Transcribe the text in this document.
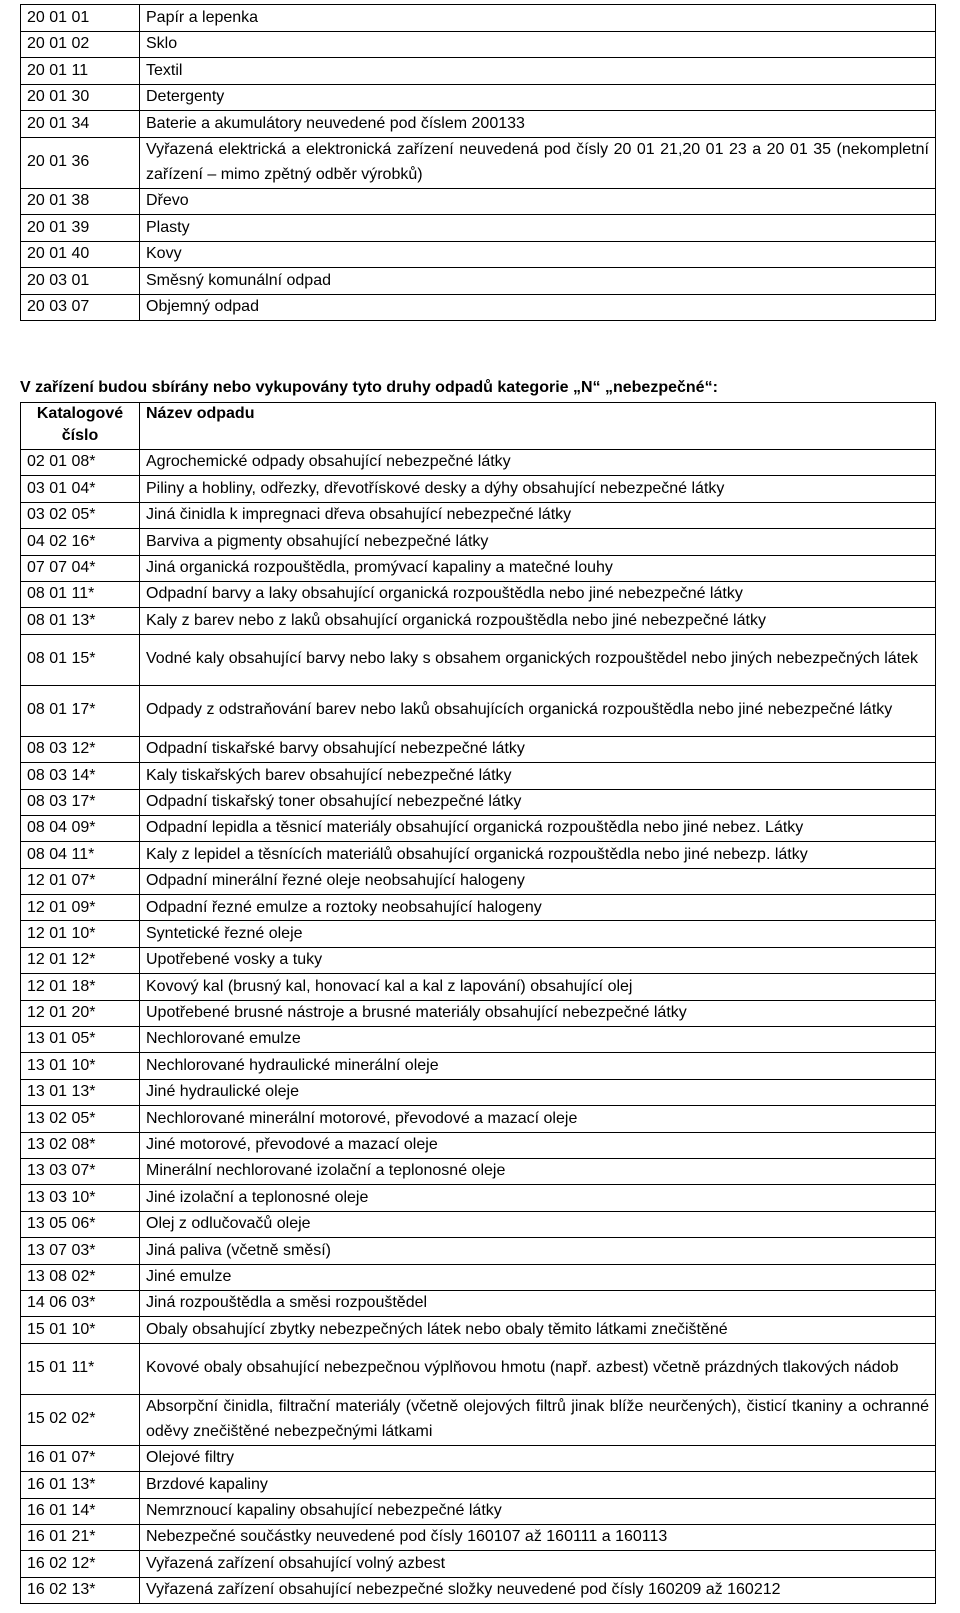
20 01 01	Papír a lepenka
20 01 02	Sklo
20 01 11	Textil
20 01 30	Detergenty
20 01 34	Baterie a akumulátory neuvedené pod číslem 200133
20 01 36	Vyřazená elektrická a elektronická zařízení neuvedená pod čísly 20 01 21,20 01 23 a 20 01 35 (nekompletní zařízení – mimo zpětný odběr výrobků)
20 01 38	Dřevo
20 01 39	Plasty
20 01 40	Kovy
20 03 01	Směsný komunální odpad
20 03 07	Objemný odpad
V zařízení budou sbírány nebo vykupovány tyto druhy odpadů kategorie „N“ „nebezpečné“:
Katalogové číslo	Název odpadu
02 01 08*	Agrochemické odpady obsahující nebezpečné látky
03 01 04*	Piliny a hobliny, odřezky, dřevotřískové desky a dýhy obsahující nebezpečné látky
03 02 05*	Jiná činidla k impregnaci dřeva obsahující nebezpečné látky
04 02 16*	Barviva a pigmenty obsahující nebezpečné látky
07 07 04*	Jiná organická rozpouštědla, promývací kapaliny a matečné louhy
08 01 11*	Odpadní barvy a laky obsahující organická rozpouštědla nebo jiné nebezpečné látky
08 01 13*	Kaly z barev nebo z laků obsahující organická rozpouštědla nebo jiné nebezpečné látky
08 01 15*	Vodné kaly obsahující barvy nebo laky s obsahem organických rozpouštědel nebo jiných nebezpečných látek
08 01 17*	Odpady z odstraňování barev nebo laků obsahujících organická rozpouštědla nebo jiné nebezpečné látky
08 03 12*	Odpadní tiskařské barvy obsahující nebezpečné látky
08 03 14*	Kaly tiskařských barev obsahující nebezpečné látky
08 03 17*	Odpadní tiskařský toner obsahující nebezpečné látky
08 04 09*	Odpadní lepidla a těsnicí materiály obsahující organická rozpouštědla nebo jiné nebez. Látky
08 04 11*	Kaly z lepidel a těsnících materiálů obsahující organická rozpouštědla nebo jiné nebezp. látky
12 01 07*	Odpadní minerální řezné oleje neobsahující halogeny
12 01 09*	Odpadní řezné emulze a roztoky neobsahující halogeny
12 01 10*	Syntetické řezné oleje
12 01 12*	Upotřebené vosky a tuky
12 01 18*	Kovový kal (brusný kal, honovací kal a kal z lapování) obsahující olej
12 01 20*	Upotřebené brusné nástroje a brusné materiály obsahující nebezpečné látky
13 01 05*	Nechlorované emulze
13 01 10*	Nechlorované hydraulické minerální oleje
13 01 13*	Jiné hydraulické oleje
13 02 05*	Nechlorované minerální motorové, převodové a mazací oleje
13 02 08*	Jiné motorové, převodové a mazací oleje
13 03 07*	Minerální nechlorované izolační a teplonosné oleje
13 03 10*	Jiné izolační a teplonosné oleje
13 05 06*	Olej z odlučovačů oleje
13 07 03*	Jiná paliva (včetně směsí)
13 08 02*	Jiné emulze
14 06 03*	Jiná rozpouštědla a směsi rozpouštědel
15 01 10*	Obaly obsahující zbytky nebezpečných látek nebo obaly těmito látkami znečištěné
15 01 11*	Kovové obaly obsahující nebezpečnou výplňovou hmotu (např. azbest) včetně prázdných tlakových nádob
15 02 02*	Absorpční činidla, filtrační materiály (včetně olejových filtrů jinak blíže neurčených), čisticí tkaniny a ochranné oděvy znečištěné nebezpečnými látkami
16 01 07*	Olejové filtry
16 01 13*	Brzdové kapaliny
16 01 14*	Nemrznoucí kapaliny obsahující nebezpečné látky
16 01 21*	Nebezpečné součástky neuvedené pod čísly 160107 až 160111 a 160113
16 02 12*	Vyřazená zařízení obsahující volný azbest
16 02 13*	Vyřazená zařízení obsahující nebezpečné složky neuvedené pod čísly 160209 až 160212
